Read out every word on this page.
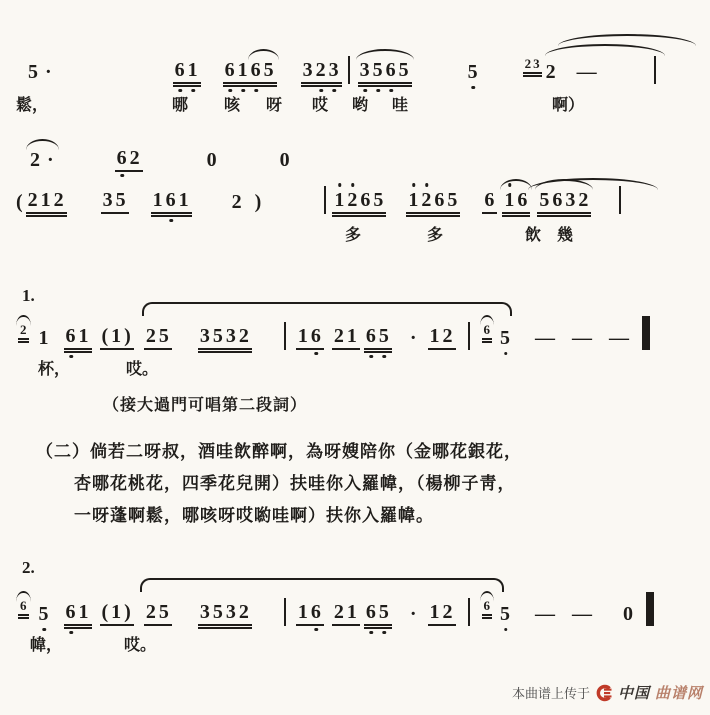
5 ·	6 1 6 1 6 5 3 2 3 3 5 6 5	5	2 3 2 —
鬆，	哪 咳 呀 哎 哟 哇	啊）
2 ·	6 2	0	0
( 2 1 2 3 5 1 6 1 2 )	1 2 6 5 1 2 6 5 6 1 6 5 6 3 2
多	多	飲 幾
1.
2 1 6 1 ( 1 ) 2 5 3 5 3 2 1 6 2 1 6 5 · 1 2 6 5 — — —
杯，	哎。
（接大過門可唱第二段詞）
（二）倘若二呀叔，酒哇飲醉啊，為呀嫂陪你（金哪花銀花，
杏哪花桃花，四季花兒開）扶哇你入羅幃，（楊柳子靑，
一呀蓬啊鬆，哪咳呀哎喲哇啊）扶你入羅幃。
2.
6 5 6 1 ( 1 ) 2 5 3 5 3 2 1 6 2 1 6 5 · 1 2 6 5 — — 0
幃，	哎。
本曲谱上传于 中国 曲谱网
